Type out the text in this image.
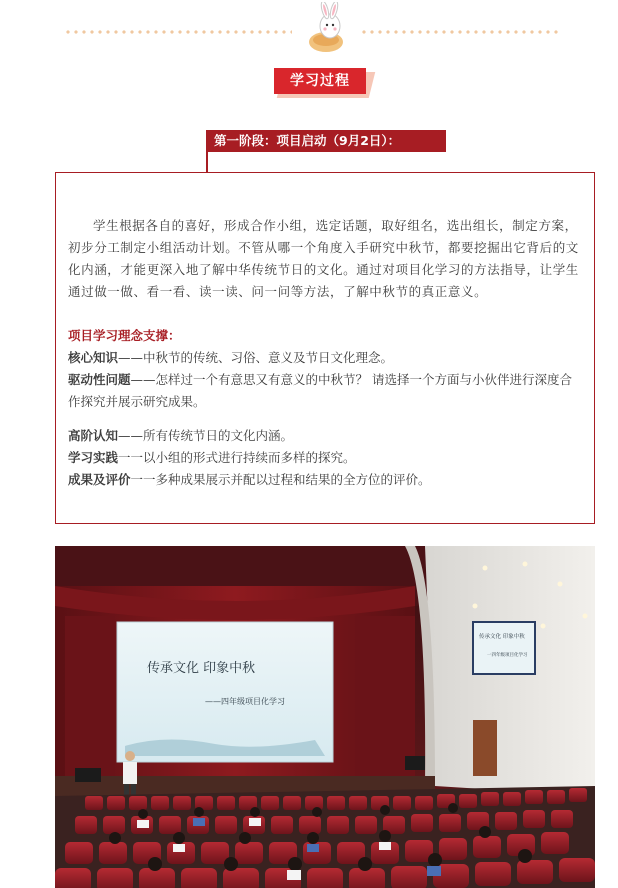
学习过程
第一阶段：项目启动（9月2日）：

学生根据各自的喜好，形成合作小组，选定话题，取好组名，选出组长，制定方案，初步分工制定小组活动计划。不管从哪一个角度入手研究中秋节，都要挖掘出它背后的文化内涵，才能更深入地了解中华传统节日的文化。通过对项目化学习的方法指导，让学生通过做一做、看一看、读一读、问一问等方法，了解中秋节的真正意义。

项目学习理念支撑：

核心知识——中秋节的传统、习俗、意义及节日文化理念。

驱动性问题——怎样过一个有意思又有意义的中秋节？ 请选择一个方面与小伙伴进行深度合作探究并展示研究成果。

高阶认知——所有传统节日的文化内涵。

学习实践一一以小组的形式进行持续而多样的探究。

成果及评价一一多种成果展示并配以过程和结果的全方位的评价。

传承文化 印象中秋
——四年级项目化学习
传承文化 印象中秋
一四年级项目化学习
